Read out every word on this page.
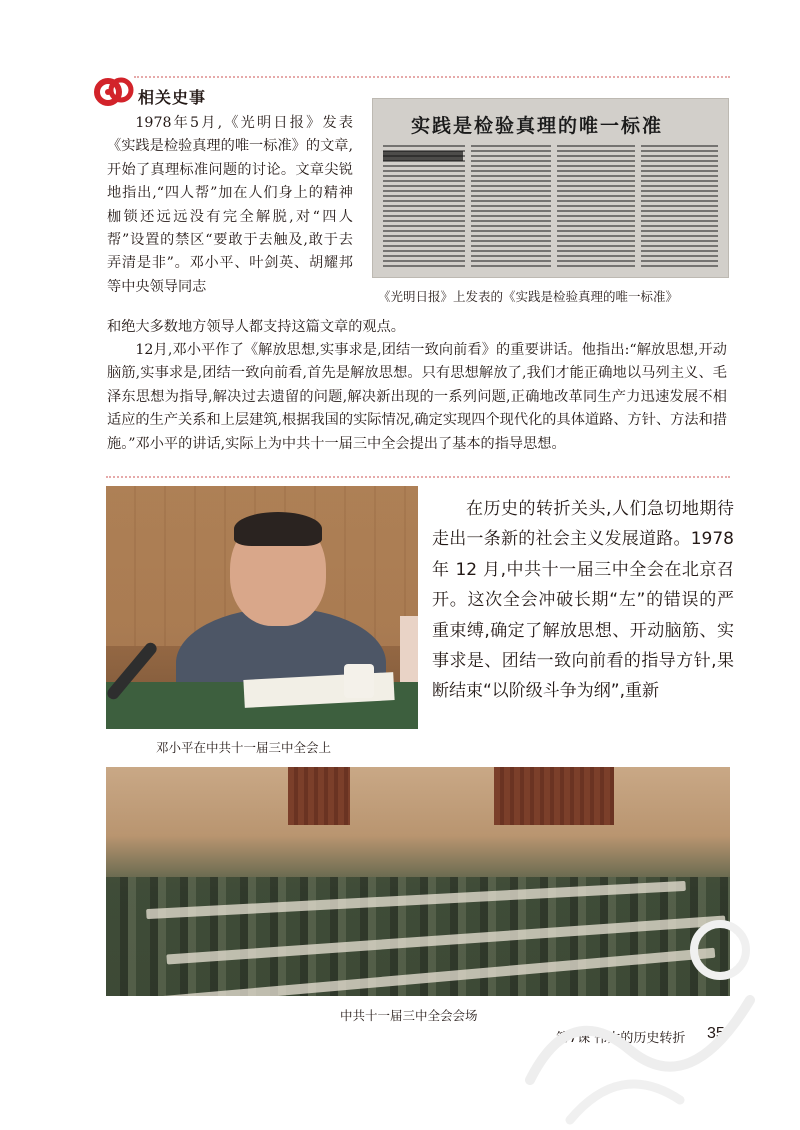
相关史事
1978年5月,《光明日报》发表《实践是检验真理的唯一标准》的文章,开始了真理标准问题的讨论。文章尖锐地指出,“四人帮”加在人们身上的精神枷锁还远远没有完全解脱,对“四人帮”设置的禁区“要敢于去触及,敢于去弄清是非”。邓小平、叶剑英、胡耀邦等中央领导同志
和绝大多数地方领导人都支持这篇文章的观点。
12月,邓小平作了《解放思想,实事求是,团结一致向前看》的重要讲话。他指出:“解放思想,开动脑筋,实事求是,团结一致向前看,首先是解放思想。只有思想解放了,我们才能正确地以马列主义、毛泽东思想为指导,解决过去遗留的问题,解决新出现的一系列问题,正确地改革同生产力迅速发展不相适应的生产关系和上层建筑,根据我国的实际情况,确定实现四个现代化的具体道路、方针、方法和措施。”邓小平的讲话,实际上为中共十一届三中全会提出了基本的指导思想。
实践是检验真理的唯一标准
《光明日报》上发表的《实践是检验真理的唯一标准》
邓小平在中共十一届三中全会上
在历史的转折关头,人们急切地期待走出一条新的社会主义发展道路。1978 年 12 月,中共十一届三中全会在北京召开。这次全会冲破长期“左”的错误的严重束缚,确定了解放思想、开动脑筋、实事求是、团结一致向前看的指导方针,果断结束“以阶级斗争为纲”,重新
中共十一届三中全会会场
第7课 伟大的历史转折 35
